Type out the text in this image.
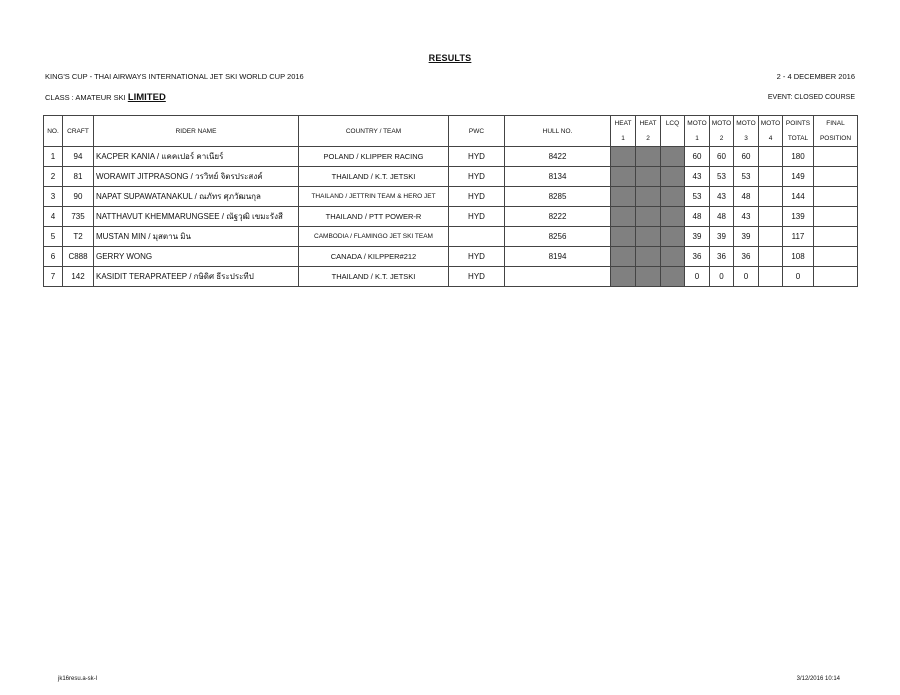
RESULTS
KING'S CUP - THAI AIRWAYS INTERNATIONAL JET SKI WORLD CUP 2016	2 - 4 DECEMBER 2016
CLASS : AMATEUR SKI LIMITED	EVENT: CLOSED COURSE
NO.	CRAFT	RIDER NAME	COUNTRY / TEAM	PWC	HULL NO.	HEAT	HEAT	LCQ	MOTO	MOTO	MOTO	MOTO	POINTS	FINAL
						1	2		1	2	3	4	TOTAL	POSITION
1	94	KACPER KANIA / แคคเปอร์ คาเนียร์	POLAND / KLIPPER RACING	HYD	8422				60	60	60		180	
2	81	WORAWIT JITPRASONG / วรวิทย์ จิตรประสงค์	THAILAND / K.T. JETSKI	HYD	8134				43	53	53		149	
3	90	NAPAT SUPAWATANAKUL / ณภัทร ศุภวัฒนกุล	THAILAND / JETTRIN TEAM & HERO JET	HYD	8285				53	43	48		144	
4	735	NATTHAVUT KHEMMARUNGSEE / ณัฐวุฒิ เขมะรังสี	THAILAND / PTT POWER-R	HYD	8222				48	48	43		139	
5	T2	MUSTAN MIN / มุสตาน มิน	CAMBODIA / FLAMINGO JET SKI TEAM		8256				39	39	39		117	
6	C888	GERRY WONG	CANADA / KILPPER#212	HYD	8194				36	36	36		108	
7	142	KASIDIT TERAPRATEEP / กษิดิศ ธีระประทีป	THAILAND / K.T. JETSKI	HYD					0	0	0		0	
jk16resu.a-sk-l	3/12/2016 10:14
